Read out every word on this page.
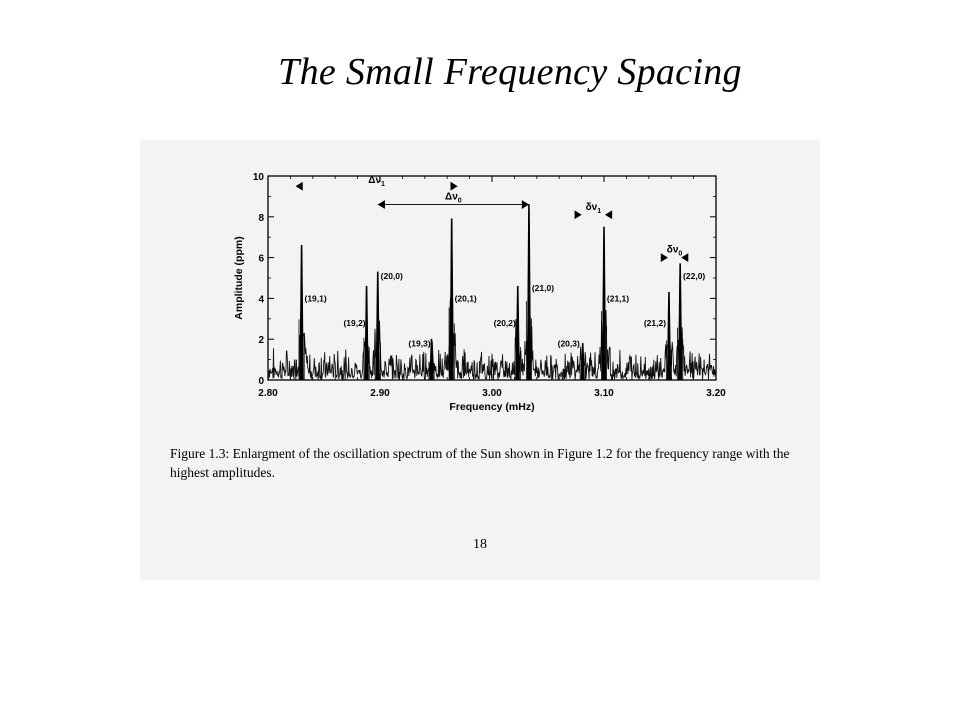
The Small Frequency Spacing
2.80	2.90	3.00	3.10	3.20
0
2
4
6
8
10
Frequency (mHz)
Amplitude (ppm)	(19,1)
(19,2)
(20,0)
(19,3)
(20,1)
(20,2)
(21,0)
(20,3)
(21,1)
(21,2)
(22,0)
$\Delta\nu_1$
$\Delta\nu_0$
$\delta\nu_1$
$\delta\nu_0$
Figure 1.3: Enlargment of the oscillation spectrum of the Sun shown in Figure 1.2 for the frequency range with the highest amplitudes.
18
